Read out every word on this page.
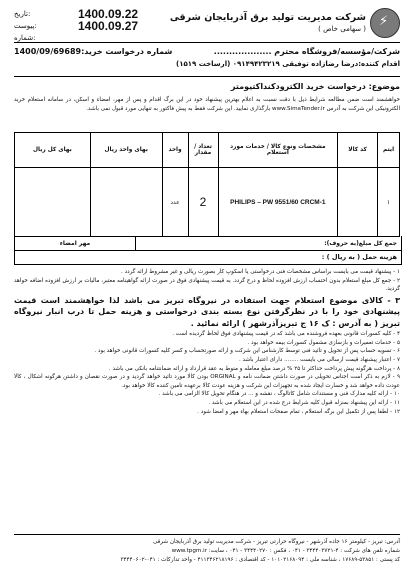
تاریخ:	1400.09.22
پیوست:	1400.09.27
شماره:
⚡
شرکت مدیریت تولید برق آذربایجان شرقی
( سهامی خاص )
شرکت/مؤسسه/فروشگاه محترم ...................
شماره درخواست خرید:1400/09/69689
اقدام کننده:درضا رضازاده توفیقی ۰۹۱۴۹۴۲۳۲۱۹ (ارساخت ۱۵۱۹)
موضوع: درخواست خرید الکترودکنداکتیومتر
خواهشمند است ضمن مطالعه شرایط ذیل با دقت نسبت به اعلام بهترین پیشنهاد خود در این برگ اقدام و پس از مهر، امضاء و اسکن، در سامانه استعلام خرید الکترونیکی این شرکت به آدرس www.SimaTender.ir بارگذاری نمایید. این شرکت فقط به پیش فاکتور به تنهایی مورد قبول نمی باشد.
ایتم	کد کالا	مشخصات ونوع کالا / خدمات مورد استعلام	تعداد / مقدار	واحد	بهای واحد ریال	بهای کل ریال
۱		PHILIPS – PW 9551/60 CRCM-1	2	عدد		
جمع کل مبلغ(به حروف):
مهر امضاء
هزینه حمل ( به ریال ) :

۱ - پیشنهاد قیمت می بایست براساس مشخصات فنی درخواستی یا اسکوپ کار بصورت ریالی و غیر مشروط ارائه گردد .

۲ - جمع کل مبلغ استعلام بدون احتساب ارزش افزوده لحاظ و درج گردد. به قیمت پیشنهادی فوق در صورت ارائه گواهینامه معتبر، مالیات بر ارزش افزوده اضافه خواهد گردید.

۳ - کالای موضوع استعلام جهت استفاده در نیروگاه تبریز می باشد لذا خواهشمند است قیمت پیشنهادی خود را با در نظرگرفتن نوع بسته بندی درخواستی و هزینه حمل تا درب انبار نیروگاه تبریز ( به آدرس : ک ۱۶ ج تبریزآذرشهر ) ارائه نمائید .

۴ - کلیه کسورات قانونی بعهده فروشنده می باشد که در قیمت پیشنهادی فوق لحاظ گردیده است .

۵ - خدمات تعمیرات و بازسازی مشمول کسورات بیمه خواهد بود .

۶ - تسویه حساب پس از تحویل و تائید فنی توسط کارشناس این شرکت و ارائه صورتحساب و کسر کلیه کسورات قانونی خواهد بود .

۷ - اعتبار پیشنهاد قیمت ارسالی می بایست ........ دارای اعتبار باشد .

۸ - پرداخت هرگونه پیش پرداخت حداکثر تا ۲۵ % درصد مبلغ معامله و منوط به عقد قرارداد و ارائه ضمانتنامه بانکی می باشد .

۹ - لازم به ذکر است اجناس تحویلی در صورت داشتن ضمانت نامه و ORGINAL بودن کالا مورد تائید خواهد گردید و در صورت نقصان و داشتن هرگونه اشکال ، کالا عودت داده خواهد شد و خسارت ایجاد شده به تجهیزات این شرکت و هزینه عودت کالا برعهده تامین کننده کالا خواهد بود.

۱۰ - ارائه کلیه مدارک فنی و مستندات شامل کاتالوگ ، نقشه و ... در هنگام تحویل کالا الزامی می باشد .

۱۱ - ارائه این پیشنهاد بمنزله قبول کلیه شرایط درج شده در این استعلام می باشد .

۱۲ - لطفا پس از تکمیل این برگه استعلام ، تمام صفحات استعلام بهاء مهر و امضا شود .

آدرس: تبریز - کیلومتر ۱۶ جاده آذرشهر - نیروگاه حرارتی تبریز - شرکت مدیریت تولید برق آذربایجان شرقی
شماره تلفن های شرکت : ۴-۳۴۴۴۰۳۷۲۱ - ۰۴۱ ، فکس : ۳۴۴۴۰۲۷۰ - ۰۴۱ ، سایت: www.tpgm.ir
کد پستی : ۵۳۸۵۱-۱۷۶۸۹ ، شناسه ملی : ۱۰۱۰۲۱۶۸۰۹۴ - کد اقتصادی : ۴۱۱۳۴۶۲۱۸۱۹۶ - واحد تدارکات : ۰۴۱-۳۴۴۴۰۶۰۲
